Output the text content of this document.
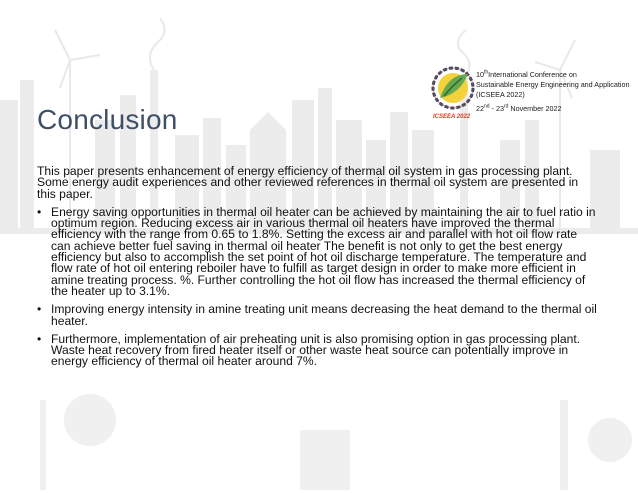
ICSEEA 2022
10thInternational Conference on
Sustainable Energy Engineering and Application
(ICSEEA 2022)
22nd - 23rd November 2022
Conclusion

This paper presents enhancement of energy efficiency of thermal oil system in gas processing plant. Some energy audit experiences and other reviewed references in thermal oil system are presented in this paper.

• Energy saving opportunities in thermal oil heater can be achieved by maintaining the air to fuel ratio in optimum region. Reducing excess air in various thermal oil heaters have improved the thermal efficiency with the range from 0.65 to 1.8%. Setting the excess air and parallel with hot oil flow rate can achieve better fuel saving in thermal oil heater The benefit is not only to get the best energy efficiency but also to accomplish the set point of hot oil discharge temperature. The temperature and flow rate of hot oil entering reboiler have to fulfill as target design in order to make more efficient in amine treating process. %. Further controlling the hot oil flow has increased the thermal efficiency of the heater up to 3.1%.
• Improving energy intensity in amine treating unit means decreasing the heat demand to the thermal oil heater.
• Furthermore, implementation of air preheating unit is also promising option in gas processing plant. Waste heat recovery from fired heater itself or other waste heat source can potentially improve in energy efficiency of thermal oil heater around 7%.
